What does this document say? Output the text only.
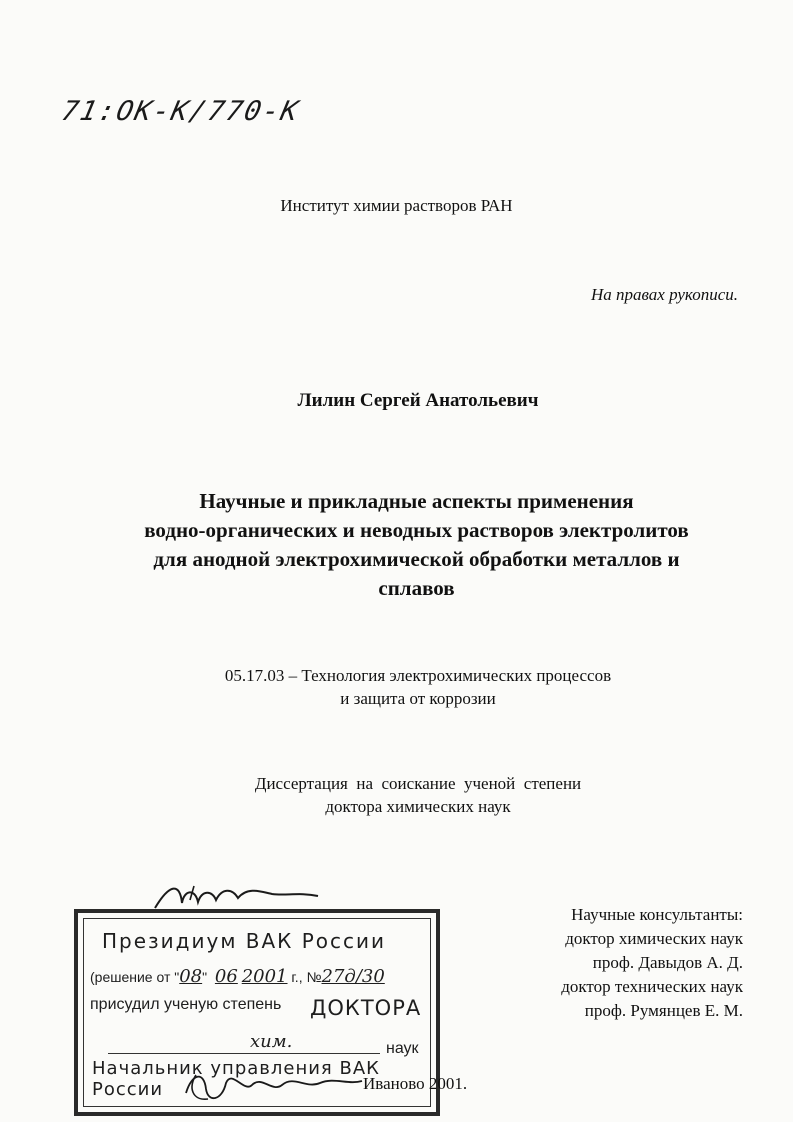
71:ОК-К/770-К
Институт химии растворов РАН
На правах рукописи.
Лилин Сергей Анатольевич
Научные и прикладные аспекты применения
водно-органических и неводных растворов электролитов
для анодной электрохимической обработки металлов и
сплавов
05.17.03 – Технология электрохимических процессов
и защита от коррозии
Диссертация  на  соискание  ученой  степени
доктора химических наук
Научные консультанты:
доктор химических наук
проф. Давыдов А. Д.
доктор технических наук
проф. Румянцев Е. М.
Президиум ВАК России
(решение от "08" 06 2001 г., №27д/30
присудил ученую степень ДОКТОРА
хим.	наук
Начальник управления ВАК России	Иваново 2001.
